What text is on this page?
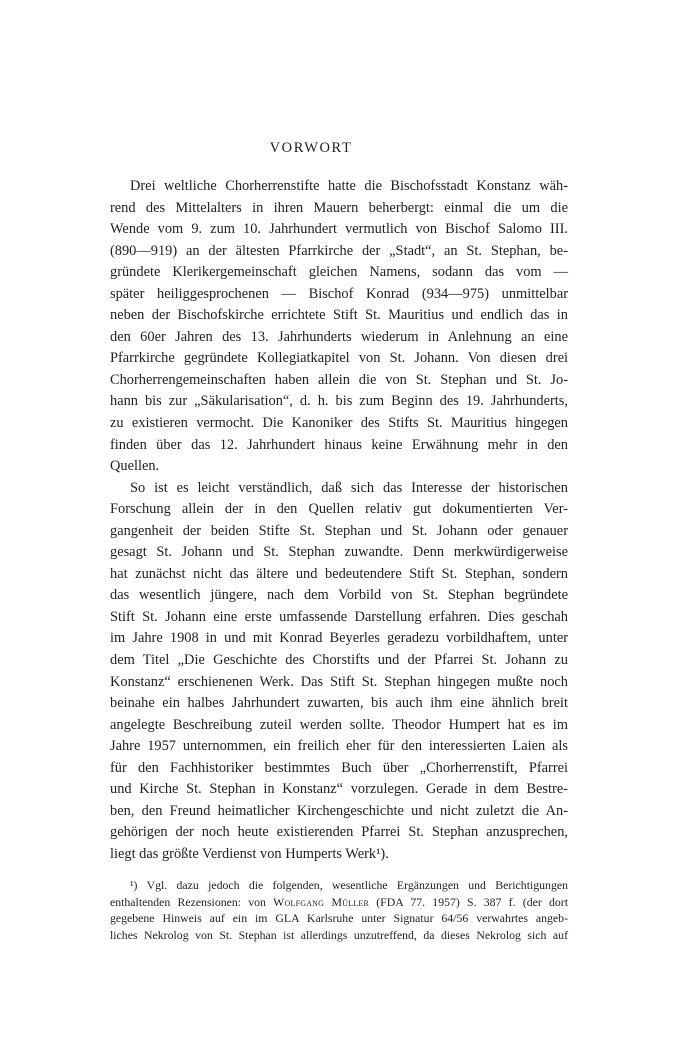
VORWORT
Drei weltliche Chorherrenstifte hatte die Bischofsstadt Konstanz wäh-
rend des Mittelalters in ihren Mauern beherbergt: einmal die um die
Wende vom 9. zum 10. Jahrhundert vermutlich von Bischof Salomo III.
(890—919) an der ältesten Pfarrkirche der „Stadt“, an St. Stephan, be-
gründete Klerikergemeinschaft gleichen Namens, sodann das vom —
später heiliggesprochenen — Bischof Konrad (934—975) unmittelbar
neben der Bischofskirche errichtete Stift St. Mauritius und endlich das in
den 60er Jahren des 13. Jahrhunderts wiederum in Anlehnung an eine
Pfarrkirche gegründete Kollegiatkapitel von St. Johann. Von diesen drei
Chorherrengemeinschaften haben allein die von St. Stephan und St. Jo-
hann bis zur „Säkularisation“, d. h. bis zum Beginn des 19. Jahrhunderts,
zu existieren vermocht. Die Kanoniker des Stifts St. Mauritius hingegen
finden über das 12. Jahrhundert hinaus keine Erwähnung mehr in den
Quellen.
So ist es leicht verständlich, daß sich das Interesse der historischen
Forschung allein der in den Quellen relativ gut dokumentierten Ver-
gangenheit der beiden Stifte St. Stephan und St. Johann oder genauer
gesagt St. Johann und St. Stephan zuwandte. Denn merkwürdigerweise
hat zunächst nicht das ältere und bedeutendere Stift St. Stephan, sondern
das wesentlich jüngere, nach dem Vorbild von St. Stephan begründete
Stift St. Johann eine erste umfassende Darstellung erfahren. Dies geschah
im Jahre 1908 in und mit Konrad Beyerles geradezu vorbildhaftem, unter
dem Titel „Die Geschichte des Chorstifts und der Pfarrei St. Johann zu
Konstanz“ erschienenen Werk. Das Stift St. Stephan hingegen mußte noch
beinahe ein halbes Jahrhundert zuwarten, bis auch ihm eine ähnlich breit
angelegte Beschreibung zuteil werden sollte. Theodor Humpert hat es im
Jahre 1957 unternommen, ein freilich eher für den interessierten Laien als
für den Fachhistoriker bestimmtes Buch über „Chorherrenstift, Pfarrei
und Kirche St. Stephan in Konstanz“ vorzulegen. Gerade in dem Bestre-
ben, den Freund heimatlicher Kirchengeschichte und nicht zuletzt die An-
gehörigen der noch heute existierenden Pfarrei St. Stephan anzusprechen,
liegt das größte Verdienst von Humperts Werk¹).
¹) Vgl. dazu jedoch die folgenden, wesentliche Ergänzungen und Berichtigungen
enthaltenden Rezensionen: von Wolfgang Müller (FDA 77. 1957) S. 387 f. (der dort
gegebene Hinweis auf ein im GLA Karlsruhe unter Signatur 64/56 verwahrtes angeb-
liches Nekrolog von St. Stephan ist allerdings unzutreffend, da dieses Nekrolog sich auf
